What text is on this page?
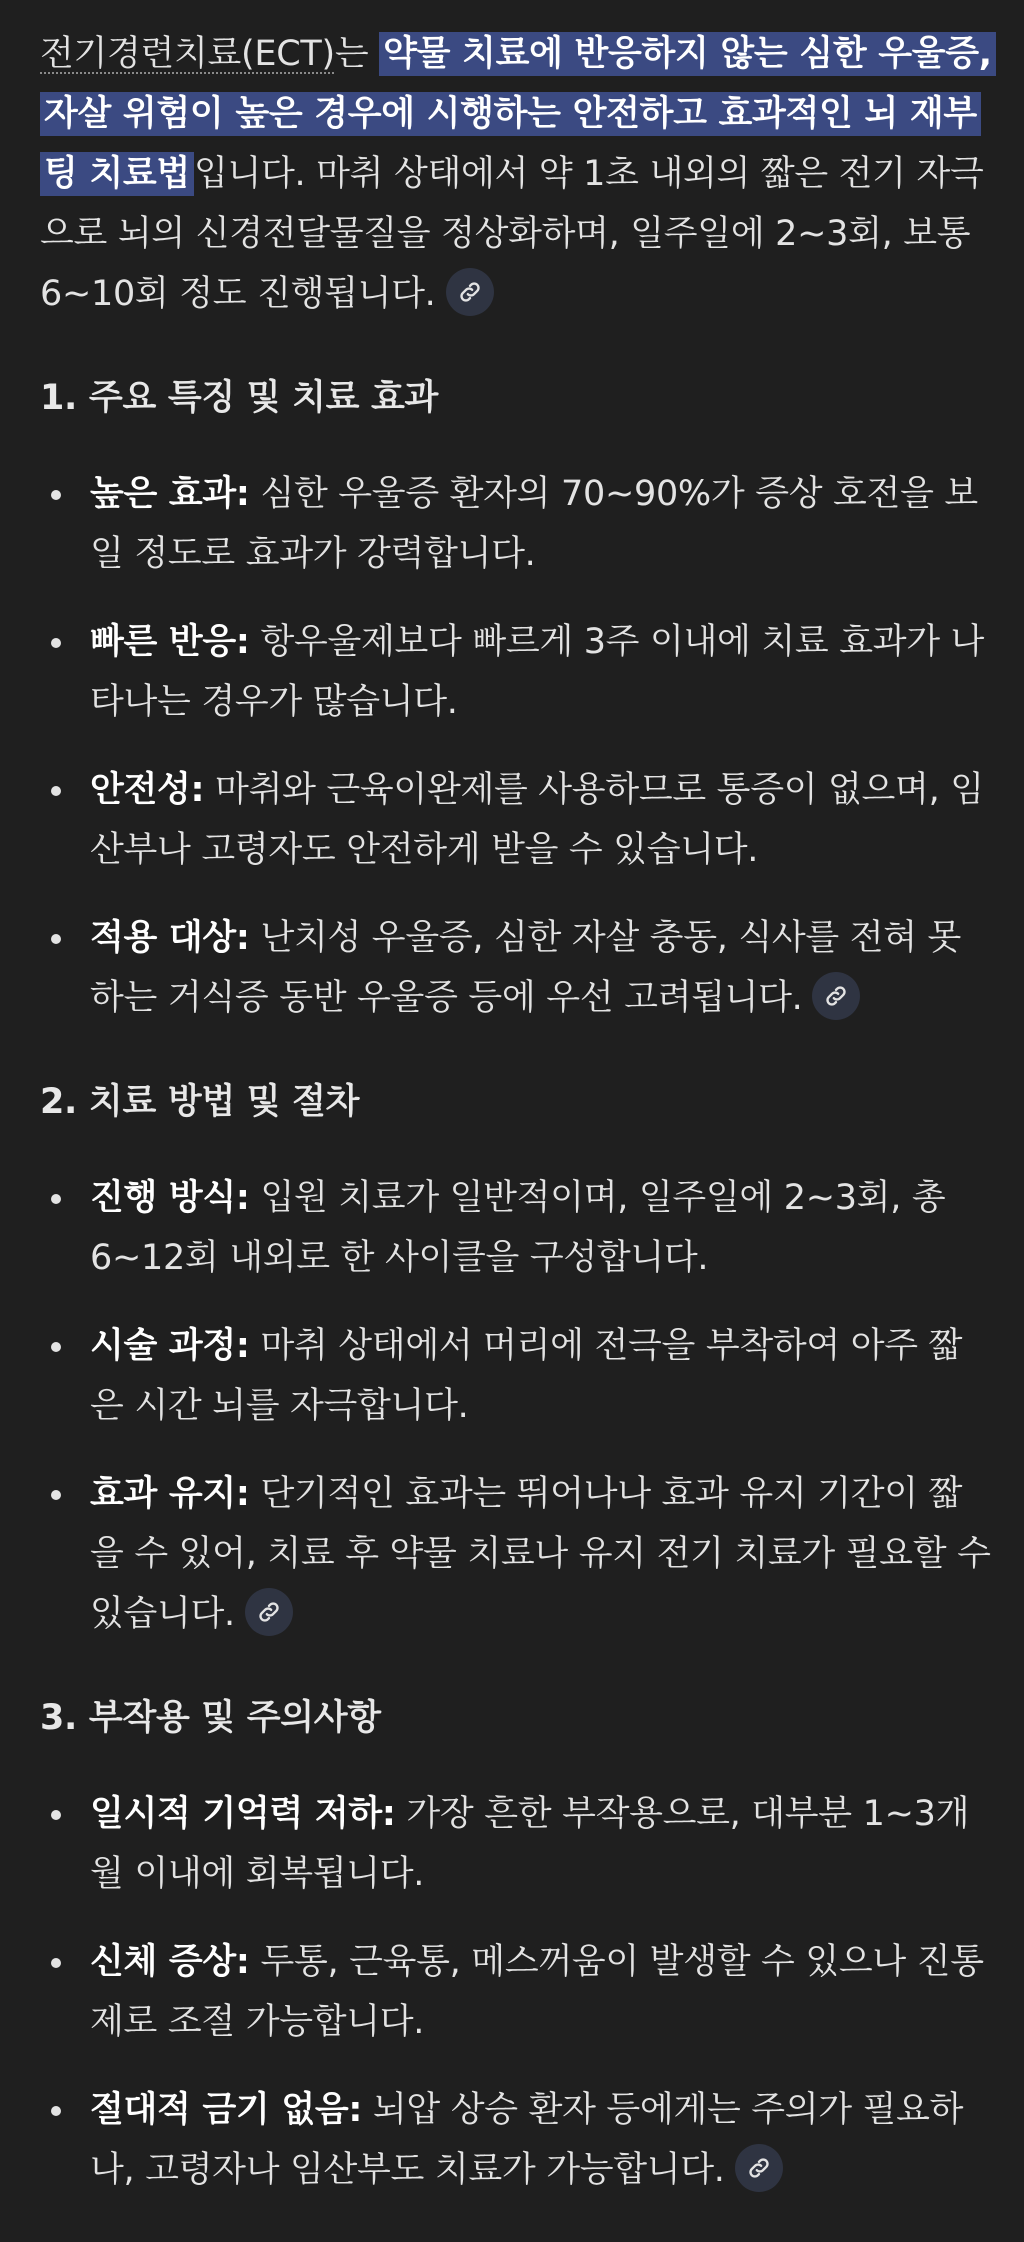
전기경련치료(ECT)는 약물 치료에 반응하지 않는 심한 우울증, 자살 위험이 높은 경우에 시행하는 안전하고 효과적인 뇌 재부팅 치료법 입니다. 마취 상태에서 약 1초 내외의 짧은 전기 자극으로 뇌의 신경전달물질을 정상화하며, 일주일에 2~3회, 보통 6~10회 정도 진행됩니다.

1. 주요 특징 및 치료 효과
높은 효과: 심한 우울증 환자의 70~90%가 증상 호전을 보일 정도로 효과가 강력합니다.
빠른 반응: 항우울제보다 빠르게 3주 이내에 치료 효과가 나타나는 경우가 많습니다.
안전성: 마취와 근육이완제를 사용하므로 통증이 없으며, 임산부나 고령자도 안전하게 받을 수 있습니다.
적용 대상: 난치성 우울증, 심한 자살 충동, 식사를 전혀 못 하는 거식증 동반 우울증 등에 우선 고려됩니다.
2. 치료 방법 및 절차
진행 방식: 입원 치료가 일반적이며, 일주일에 2~3회, 총 6~12회 내외로 한 사이클을 구성합니다.
시술 과정: 마취 상태에서 머리에 전극을 부착하여 아주 짧은 시간 뇌를 자극합니다.
효과 유지: 단기적인 효과는 뛰어나나 효과 유지 기간이 짧을 수 있어, 치료 후 약물 치료나 유지 전기 치료가 필요할 수 있습니다.
3. 부작용 및 주의사항
일시적 기억력 저하: 가장 흔한 부작용으로, 대부분 1~3개월 이내에 회복됩니다.
신체 증상: 두통, 근육통, 메스꺼움이 발생할 수 있으나 진통제로 조절 가능합니다.
절대적 금기 없음: 뇌압 상승 환자 등에게는 주의가 필요하나, 고령자나 임산부도 치료가 가능합니다.
